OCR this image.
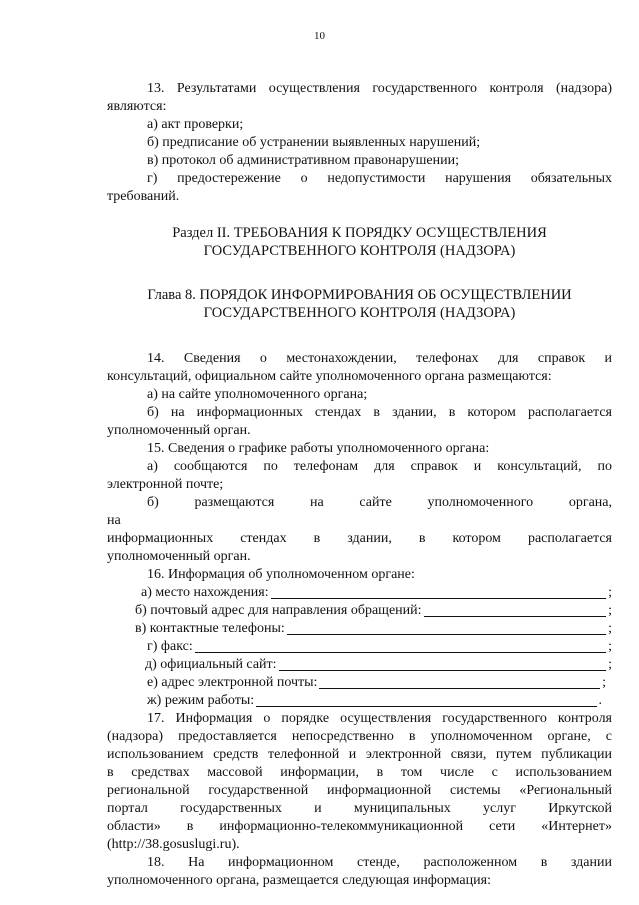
10

13. Результатами осуществления государственного контроля (надзора)

являются:

а) акт проверки;

б) предписание об устранении выявленных нарушений;

в) протокол об административном правонарушении;

г) предостережение о недопустимости нарушения обязательных

требований.

Раздел II. ТРЕБОВАНИЯ К ПОРЯДКУ ОСУЩЕСТВЛЕНИЯ

ГОСУДАРСТВЕННОГО КОНТРОЛЯ (НАДЗОРА)

Глава 8. ПОРЯДОК ИНФОРМИРОВАНИЯ ОБ ОСУЩЕСТВЛЕНИИ

ГОСУДАРСТВЕННОГО КОНТРОЛЯ (НАДЗОРА)

14. Сведения о местонахождении, телефонах для справок и

консультаций, официальном сайте уполномоченного органа размещаются:

а) на сайте уполномоченного органа;

б) на информационных стендах в здании, в котором располагается

уполномоченный орган.

15. Сведения о графике работы уполномоченного органа:

а) сообщаются по телефонам для справок и консультаций, по

электронной почте;

б) размещаются на сайте уполномоченного органа, на

информационных стендах в здании, в котором располагается

уполномоченный орган.

16. Информация об уполномоченном органе:

а) место нахождения:	;
б) почтовый адрес для направления обращений:	;
в) контактные телефоны:	;
г) факс:	;
д) официальный сайт:	;
е) адрес электронной почты:	;
ж) режим работы:	.

17. Информация о порядке осуществления государственного контроля

(надзора) предоставляется непосредственно в уполномоченном органе, с

использованием средств телефонной и электронной связи, путем публикации

в средствах массовой информации, в том числе с использованием

региональной государственной информационной системы «Региональный

портал государственных и муниципальных услуг Иркутской

области» в информационно-телекоммуникационной сети «Интернет»

(http://38.gosuslugi.ru).

18. На информационном стенде, расположенном в здании

уполномоченного органа, размещается следующая информация:
